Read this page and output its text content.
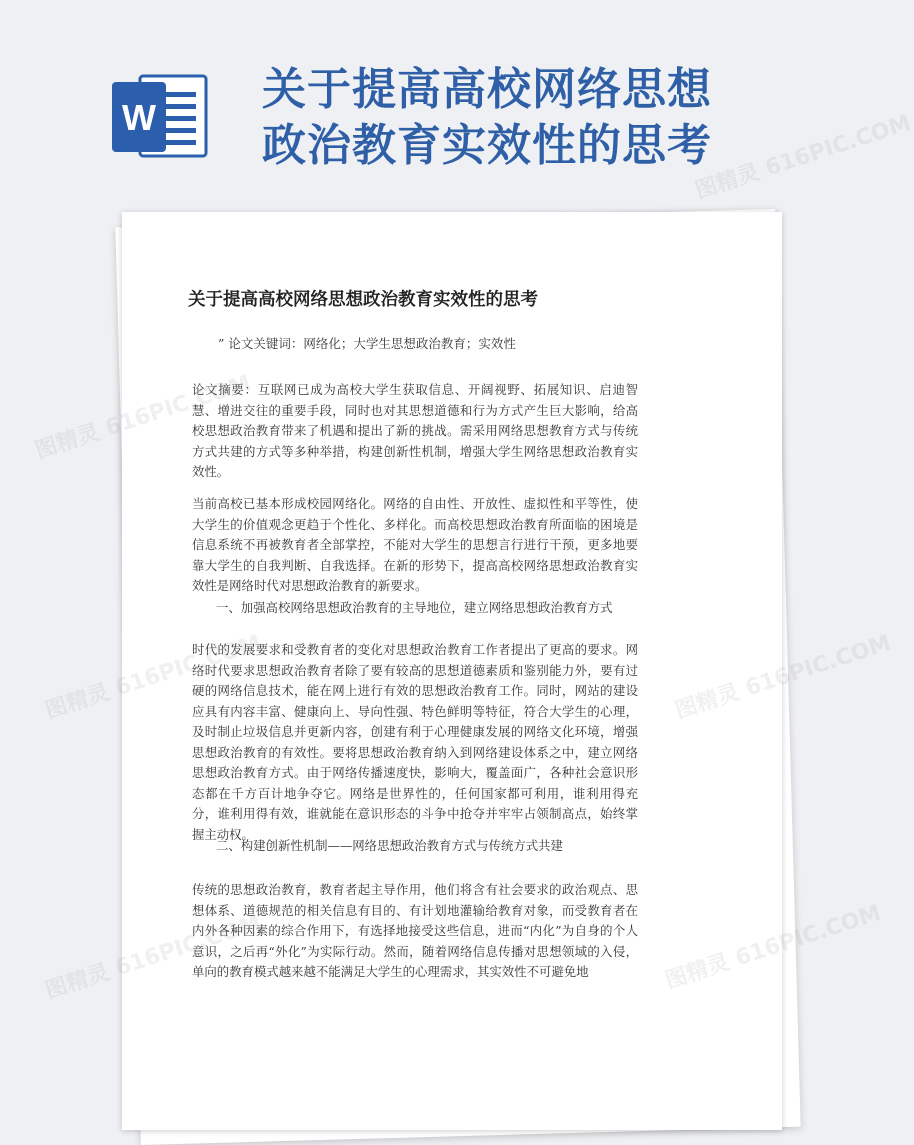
W
关于提高高校网络思想
政治教育实效性的思考
关于提高高校网络思想政治教育实效性的思考
” 论文关键词：网络化；大学生思想政治教育；实效性
论文摘要：互联网已成为高校大学生获取信息、开阔视野、拓展知识、启迪智慧、增进交往的重要手段，同时也对其思想道德和行为方式产生巨大影响，给高校思想政治教育带来了机遇和提出了新的挑战。需采用网络思想教育方式与传统方式共建的方式等多种举措，构建创新性机制，增强大学生网络思想政治教育实效性。
当前高校已基本形成校园网络化。网络的自由性、开放性、虚拟性和平等性，使大学生的价值观念更趋于个性化、多样化。而高校思想政治教育所面临的困境是信息系统不再被教育者全部掌控，不能对大学生的思想言行进行干预，更多地要靠大学生的自我判断、自我选择。在新的形势下，提高高校网络思想政治教育实效性是网络时代对思想政治教育的新要求。
一、加强高校网络思想政治教育的主导地位，建立网络思想政治教育方式
时代的发展要求和受教育者的变化对思想政治教育工作者提出了更高的要求。网络时代要求思想政治教育者除了要有较高的思想道德素质和鉴别能力外，要有过硬的网络信息技术，能在网上进行有效的思想政治教育工作。同时，网站的建设应具有内容丰富、健康向上、导向性强、特色鲜明等特征，符合大学生的心理，及时制止垃圾信息并更新内容，创建有利于心理健康发展的网络文化环境，增强思想政治教育的有效性。要将思想政治教育纳入到网络建设体系之中，建立网络思想政治教育方式。由于网络传播速度快，影响大，覆盖面广，各种社会意识形态都在千方百计地争夺它。网络是世界性的，任何国家都可利用，谁利用得充分，谁利用得有效，谁就能在意识形态的斗争中抢夺并牢牢占领制高点，始终掌握主动权。
二、构建创新性机制——网络思想政治教育方式与传统方式共建
传统的思想政治教育，教育者起主导作用，他们将含有社会要求的政治观点、思想体系、道德规范的相关信息有目的、有计划地灌输给教育对象，而受教育者在内外各种因素的综合作用下，有选择地接受这些信息，进而“内化”为自身的个人意识，之后再“外化”为实际行动。然而，随着网络信息传播对思想领域的入侵，单向的教育模式越来越不能满足大学生的心理需求，其实效性不可避免地
图精灵 616PIC.COM
图精灵
图精灵
616PIC.COM
图精灵
616PIC.COM
